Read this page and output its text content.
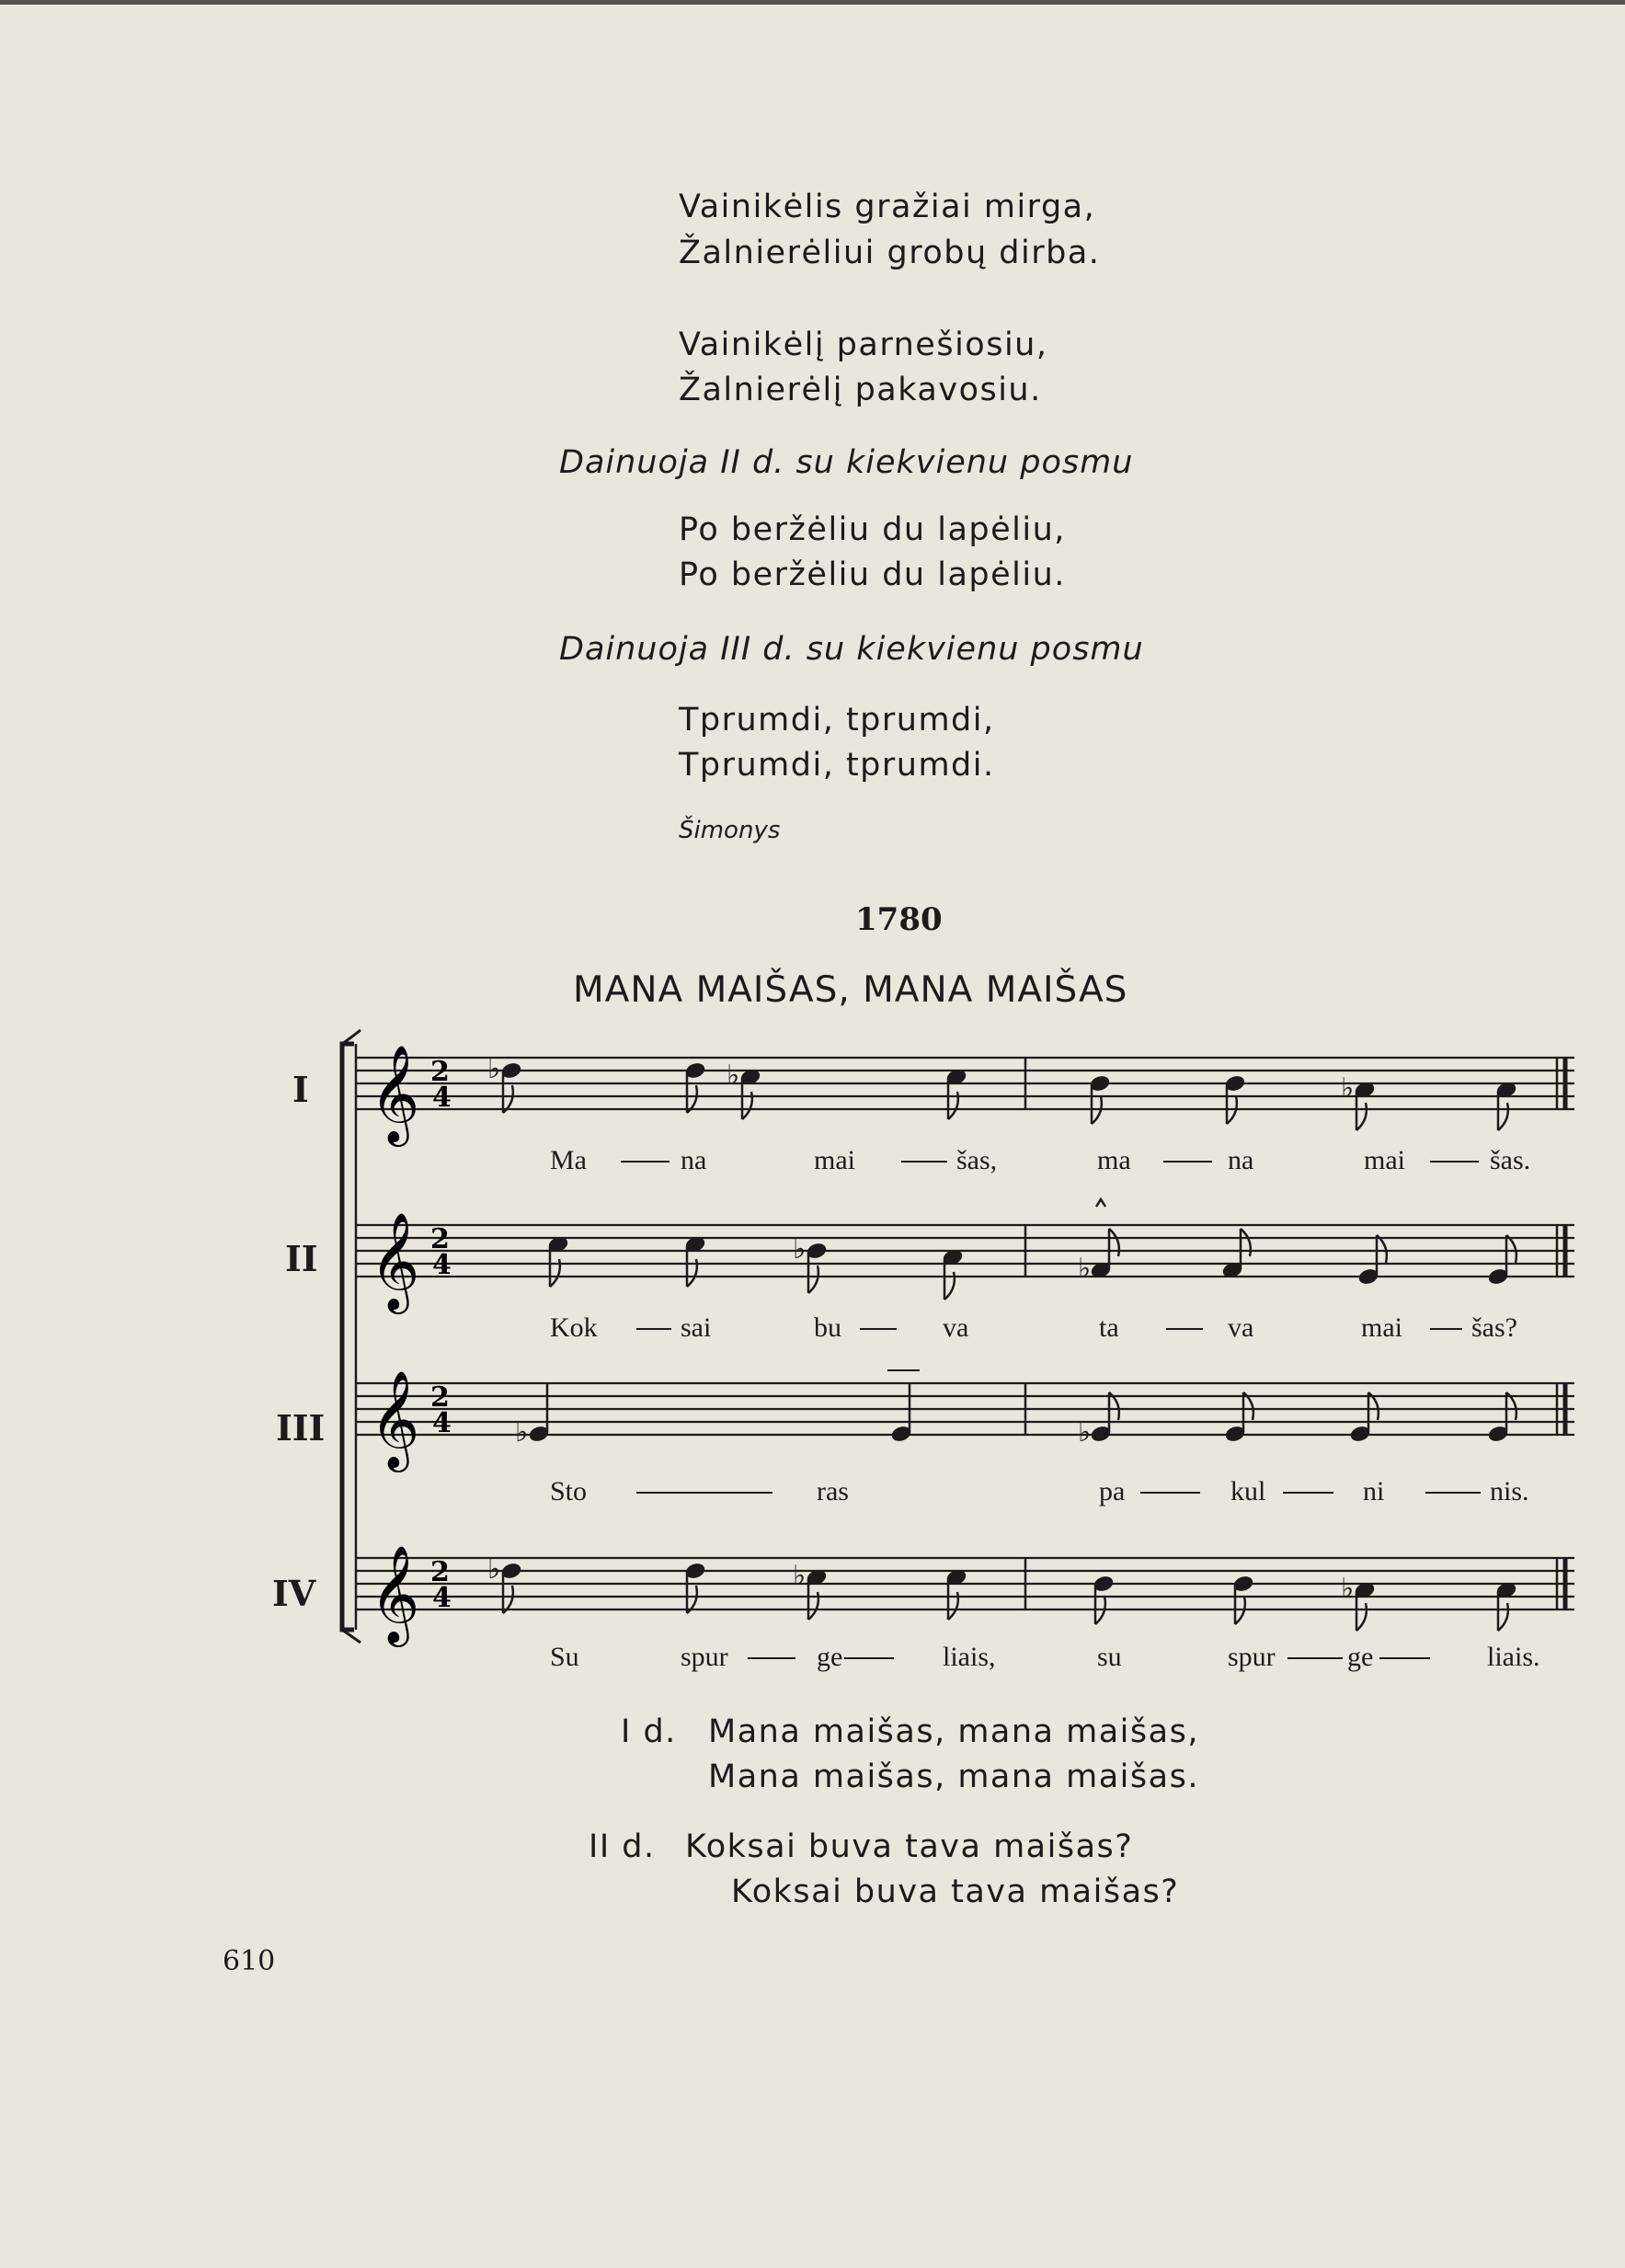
Vainikėlis gražiai mirga,
Žalnierėliui grobų dirba.
Vainikėlį parnešiosiu,
Žalnierėlį pakavosiu.
Dainuoja II d. su kiekvienu posmu
Po beržėliu du lapėliu,
Po beržėliu du lapėliu.
Dainuoja III d. su kiekvienu posmu
Tprumdi, tprumdi,
Tprumdi, tprumdi.
Šimonys
1780
MANA MAIŠAS, MANA MAIŠAS
I
II
III
IV
𝄞
𝄞
𝄞
𝄞
2
4
2
4
2
4
2
4
♭	♭	♭
♭
♭
♭	♭
♭	♭	♭
Ma	na	mai	šas,	ma	na	mai	šas.
Kok	sai	bu	va	ta	va	mai	šas?
Sto	ras	pa	kul	ni	nis.
Su	spur	ge	liais,	su	spur	ge	liais.
I d. Mana maišas, mana maišas,
Mana maišas, mana maišas.
II d. Koksai buva tava maišas?
Koksai buva tava maišas?
610
